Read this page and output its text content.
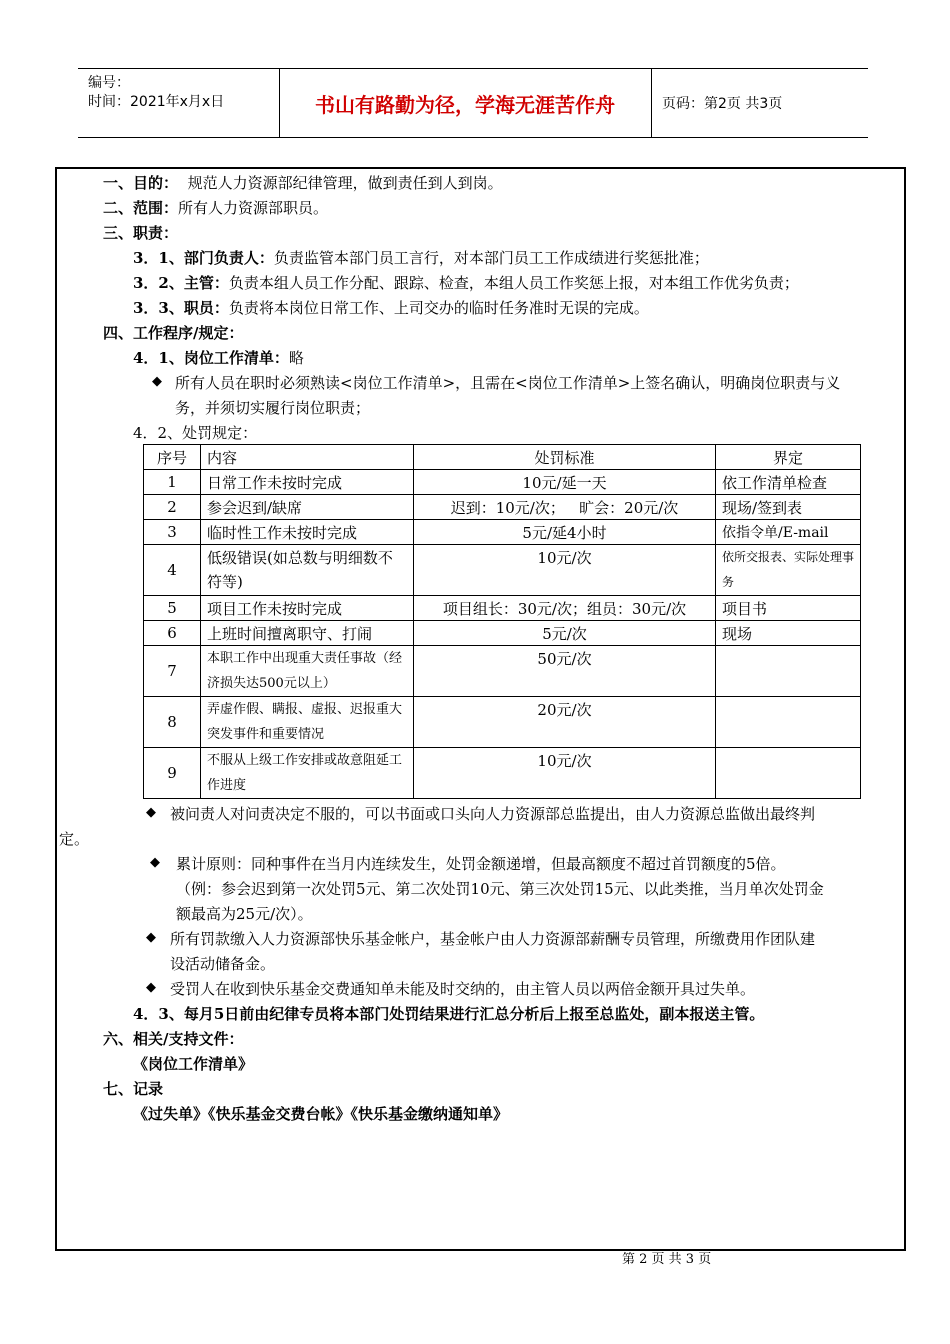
编号：
时间：2021年x月x日	书山有路勤为径，学海无涯苦作舟	页码：第2页 共3页
一、目的： 规范人力资源部纪律管理，做到责任到人到岗。
二、范围：所有人力资源部职员。
三、职责：
3．1、部门负责人：负责监管本部门员工言行，对本部门员工工作成绩进行奖惩批准；
3．2、主管：负责本组人员工作分配、跟踪、检查，本组人员工作奖惩上报，对本组工作优劣负责；
3．3、职员：负责将本岗位日常工作、上司交办的临时任务准时无误的完成。
四、工作程序/规定：
4．1、岗位工作清单：略
◆ 所有人员在职时必须熟读<岗位工作清单>，且需在<岗位工作清单>上签名确认，明确岗位职责与义
务，并须切实履行岗位职责；
4．2、处罚规定：
序号	内容	处罚标准	界定
1	日常工作未按时完成	10元/延一天	依工作清单检查
2	参会迟到/缺席	迟到：10元/次；   旷会：20元/次	现场/签到表
3	临时性工作未按时完成	5元/延4小时	依指令单/E-mail
4	低级错误(如总数与明细数不符等)	10元/次	依所交报表、实际处理事务
5	项目工作未按时完成	项目组长：30元/次；组员：30元/次	项目书
6	上班时间擅离职守、打闹	5元/次	现场
7	本职工作中出现重大责任事故（经济损失达500元以上）	50元/次	
8	弄虚作假、瞒报、虚报、迟报重大突发事件和重要情况	20元/次	
9	不服从上级工作安排或故意阻延工作进度	10元/次	
◆ 被问责人对问责决定不服的，可以书面或口头向人力资源部总监提出，由人力资源总监做出最终判
定。
◆ 累计原则：同种事件在当月内连续发生，处罚金额递增，但最高额度不超过首罚额度的5倍。
（例：参会迟到第一次处罚5元、第二次处罚10元、第三次处罚15元、以此类推，当月单次处罚金
额最高为25元/次）。
◆ 所有罚款缴入人力资源部快乐基金帐户，基金帐户由人力资源部薪酬专员管理，所缴费用作团队建
设活动储备金。
◆ 受罚人在收到快乐基金交费通知单未能及时交纳的，由主管人员以两倍金额开具过失单。
4．3、每月5日前由纪律专员将本部门处罚结果进行汇总分析后上报至总监处，副本报送主管。
六、相关/支持文件：
《岗位工作清单》
七、记录
《过失单》《快乐基金交费台帐》《快乐基金缴纳通知单》
第 2 页 共 3 页
